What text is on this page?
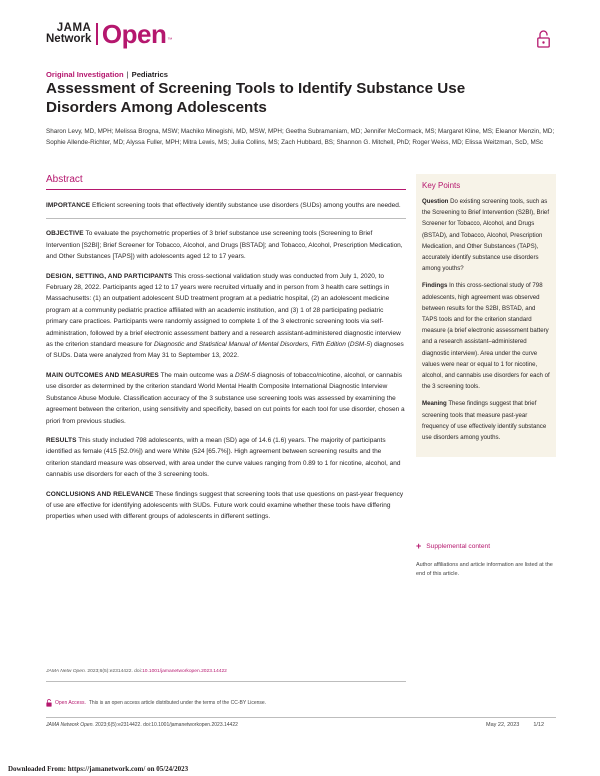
JAMA
Network Open ™
Original Investigation | Pediatrics
Assessment of Screening Tools to Identify Substance Use Disorders Among Adolescents
Sharon Levy, MD, MPH; Melissa Brogna, MSW; Machiko Minegishi, MD, MSW, MPH; Geetha Subramaniam, MD; Jennifer McCormack, MS; Margaret Kline, MS; Eleanor Menzin, MD; Sophie Allende-Richter, MD; Alyssa Fuller, MPH; Mitra Lewis, MS; Julia Collins, MS; Zach Hubbard, BS; Shannon G. Mitchell, PhD; Roger Weiss, MD; Elissa Weitzman, ScD, MSc
Abstract

IMPORTANCE Efficient screening tools that effectively identify substance use disorders (SUDs) among youths are needed.

OBJECTIVE To evaluate the psychometric properties of 3 brief substance use screening tools (Screening to Brief Intervention [S2BI]; Brief Screener for Tobacco, Alcohol, and Drugs [BSTAD]; and Tobacco, Alcohol, Prescription Medication, and Other Substances [TAPS]) with adolescents aged 12 to 17 years.

DESIGN, SETTING, AND PARTICIPANTS This cross-sectional validation study was conducted from July 1, 2020, to February 28, 2022. Participants aged 12 to 17 years were recruited virtually and in person from 3 health care settings in Massachusetts: (1) an outpatient adolescent SUD treatment program at a pediatric hospital, (2) an adolescent medicine program at a community pediatric practice affiliated with an academic institution, and (3) 1 of 28 participating pediatric primary care practices. Participants were randomly assigned to complete 1 of the 3 electronic screening tools via self-administration, followed by a brief electronic assessment battery and a research assistant-administered diagnostic interview as the criterion standard measure for Diagnostic and Statistical Manual of Mental Disorders, Fifth Edition (DSM-5) diagnoses of SUDs. Data were analyzed from May 31 to September 13, 2022.

MAIN OUTCOMES AND MEASURES The main outcome was a DSM-5 diagnosis of tobacco/nicotine, alcohol, or cannabis use disorder as determined by the criterion standard World Mental Health Composite International Diagnostic Interview Substance Abuse Module. Classification accuracy of the 3 substance use screening tools was assessed by examining the agreement between the criterion, using sensitivity and specificity, based on cut points for each tool for use disorder, chosen a priori from previous studies.

RESULTS This study included 798 adolescents, with a mean (SD) age of 14.6 (1.6) years. The majority of participants identified as female (415 [52.0%]) and were White (524 [65.7%]). High agreement between screening results and the criterion standard measure was observed, with area under the curve values ranging from 0.89 to 1 for nicotine, alcohol, and cannabis use disorders for each of the 3 screening tools.

CONCLUSIONS AND RELEVANCE These findings suggest that screening tools that use questions on past-year frequency of use are effective for identifying adolescents with SUDs. Future work could examine whether these tools have differing properties when used with different groups of adolescents in different settings.

JAMA Netw Open. 2023;6(5):e2314422. doi:10.1001/jamanetworkopen.2023.14422
Open Access. This is an open access article distributed under the terms of the CC-BY License.
Key Points

Question Do existing screening tools, such as the Screening to Brief Intervention (S2BI), Brief Screener for Tobacco, Alcohol, and Drugs (BSTAD), and Tobacco, Alcohol, Prescription Medication, and Other Substances (TAPS), accurately identify substance use disorders among youths?

Findings In this cross-sectional study of 798 adolescents, high agreement was observed between results for the S2BI, BSTAD, and TAPS tools and for the criterion standard measure (a brief electronic assessment battery and a research assistant–administered diagnostic interview). Area under the curve values were near or equal to 1 for nicotine, alcohol, and cannabis use disorders for each of the 3 screening tools.

Meaning These findings suggest that brief screening tools that measure past-year frequency of use effectively identify substance use disorders among youths.

+ Supplemental content
Author affiliations and article information are listed at the end of this article.
JAMA Network Open. 2023;6(5):e2314422. doi:10.1001/jamanetworkopen.2023.14422	May 22, 2023	1/12
Downloaded From: https://jamanetwork.com/ on 05/24/2023
